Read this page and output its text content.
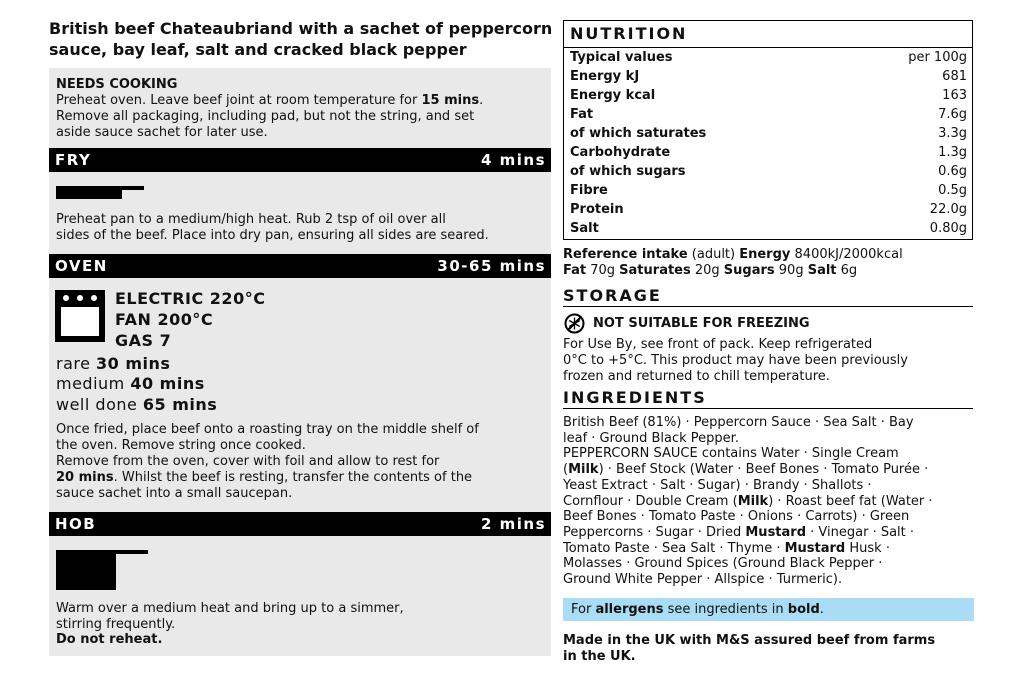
British beef Chateaubriand with a sachet of peppercorn sauce, bay leaf, salt and cracked black pepper
NEEDS COOKING
Preheat oven. Leave beef joint at room temperature for 15 mins.
Remove all packaging, including pad, but not the string, and set
aside sauce sachet for later use.
FRY	4 mins
Preheat pan to a medium/high heat. Rub 2 tsp of oil over all
sides of the beef. Place into dry pan, ensuring all sides are seared.
OVEN	30-65 mins
ELECTRIC 220°C
FAN 200°C
GAS 7
rare 30 mins
medium 40 mins
well done 65 mins
Once fried, place beef onto a roasting tray on the middle shelf of
the oven. Remove string once cooked.
Remove from the oven, cover with foil and allow to rest for
20 mins. Whilst the beef is resting, transfer the contents of the
sauce sachet into a small saucepan.
HOB	2 mins
Warm over a medium heat and bring up to a simmer,
stirring frequently.
Do not reheat.
NUTRITION
Typical values	per 100g
Energy kJ	681
Energy kcal	163
Fat	7.6g
of which saturates	3.3g
Carbohydrate	1.3g
of which sugars	0.6g
Fibre	0.5g
Protein	22.0g
Salt	0.80g
Reference intake (adult) Energy 8400kJ/2000kcal
Fat 70g Saturates 20g Sugars 90g Salt 6g
STORAGE
NOT SUITABLE FOR FREEZING
For Use By, see front of pack. Keep refrigerated
0°C to +5°C. This product may have been previously
frozen and returned to chill temperature.
INGREDIENTS
British Beef (81%) · Peppercorn Sauce · Sea Salt · Bay
leaf · Ground Black Pepper.
PEPPERCORN SAUCE contains Water · Single Cream
(Milk) · Beef Stock (Water · Beef Bones · Tomato Purée ·
Yeast Extract · Salt · Sugar) · Brandy · Shallots ·
Cornflour · Double Cream (Milk) · Roast beef fat (Water ·
Beef Bones · Tomato Paste · Onions · Carrots) · Green
Peppercorns · Sugar · Dried Mustard · Vinegar · Salt ·
Tomato Paste · Sea Salt · Thyme · Mustard Husk ·
Molasses · Ground Spices (Ground Black Pepper ·
Ground White Pepper · Allspice · Turmeric).
For allergens see ingredients in bold.
Made in the UK with M&S assured beef from farms
in the UK.
